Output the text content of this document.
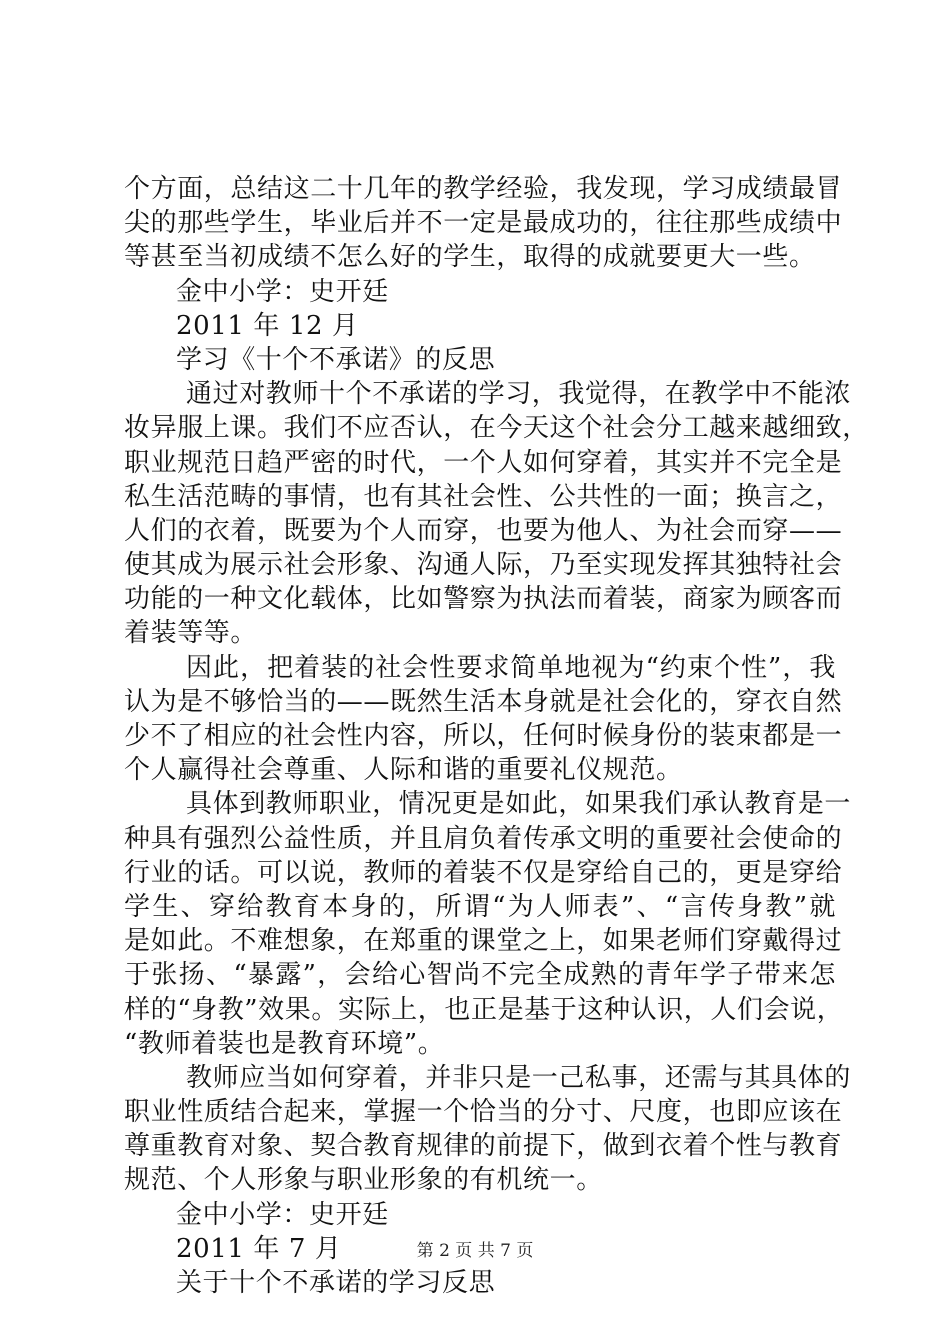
个方面，总结这二十几年的教学经验，我发现，学习成绩最冒
尖的那些学生，毕业后并不一定是最成功的，往往那些成绩中
等甚至当初成绩不怎么好的学生，取得的成就要更大一些。
金中小学：史开廷
2011 年 12 月
学习《十个不承诺》的反思
通过对教师十个不承诺的学习，我觉得，在教学中不能浓
妆异服上课。我们不应否认，在今天这个社会分工越来越细致，
职业规范日趋严密的时代，一个人如何穿着，其实并不完全是
私生活范畴的事情，也有其社会性、公共性的一面；换言之，
人们的衣着，既要为个人而穿，也要为他人、为社会而穿——
使其成为展示社会形象、沟通人际，乃至实现发挥其独特社会
功能的一种文化载体，比如警察为执法而着装，商家为顾客而
着装等等。
因此，把着装的社会性要求简单地视为“约束个性”，我
认为是不够恰当的——既然生活本身就是社会化的，穿衣自然
少不了相应的社会性内容，所以，任何时候身份的装束都是一
个人赢得社会尊重、人际和谐的重要礼仪规范。
具体到教师职业，情况更是如此，如果我们承认教育是一
种具有强烈公益性质，并且肩负着传承文明的重要社会使命的
行业的话。可以说，教师的着装不仅是穿给自己的，更是穿给
学生、穿给教育本身的，所谓“为人师表”、“言传身教”就
是如此。不难想象，在郑重的课堂之上，如果老师们穿戴得过
于张扬、“暴露”，会给心智尚不完全成熟的青年学子带来怎
样的“身教”效果。实际上，也正是基于这种认识，人们会说，
“教师着装也是教育环境”。
教师应当如何穿着，并非只是一己私事，还需与其具体的
职业性质结合起来，掌握一个恰当的分寸、尺度，也即应该在
尊重教育对象、契合教育规律的前提下，做到衣着个性与教育
规范、个人形象与职业形象的有机统一。
金中小学：史开廷
2011 年 7 月
关于十个不承诺的学习反思
第 2 页 共 7 页
